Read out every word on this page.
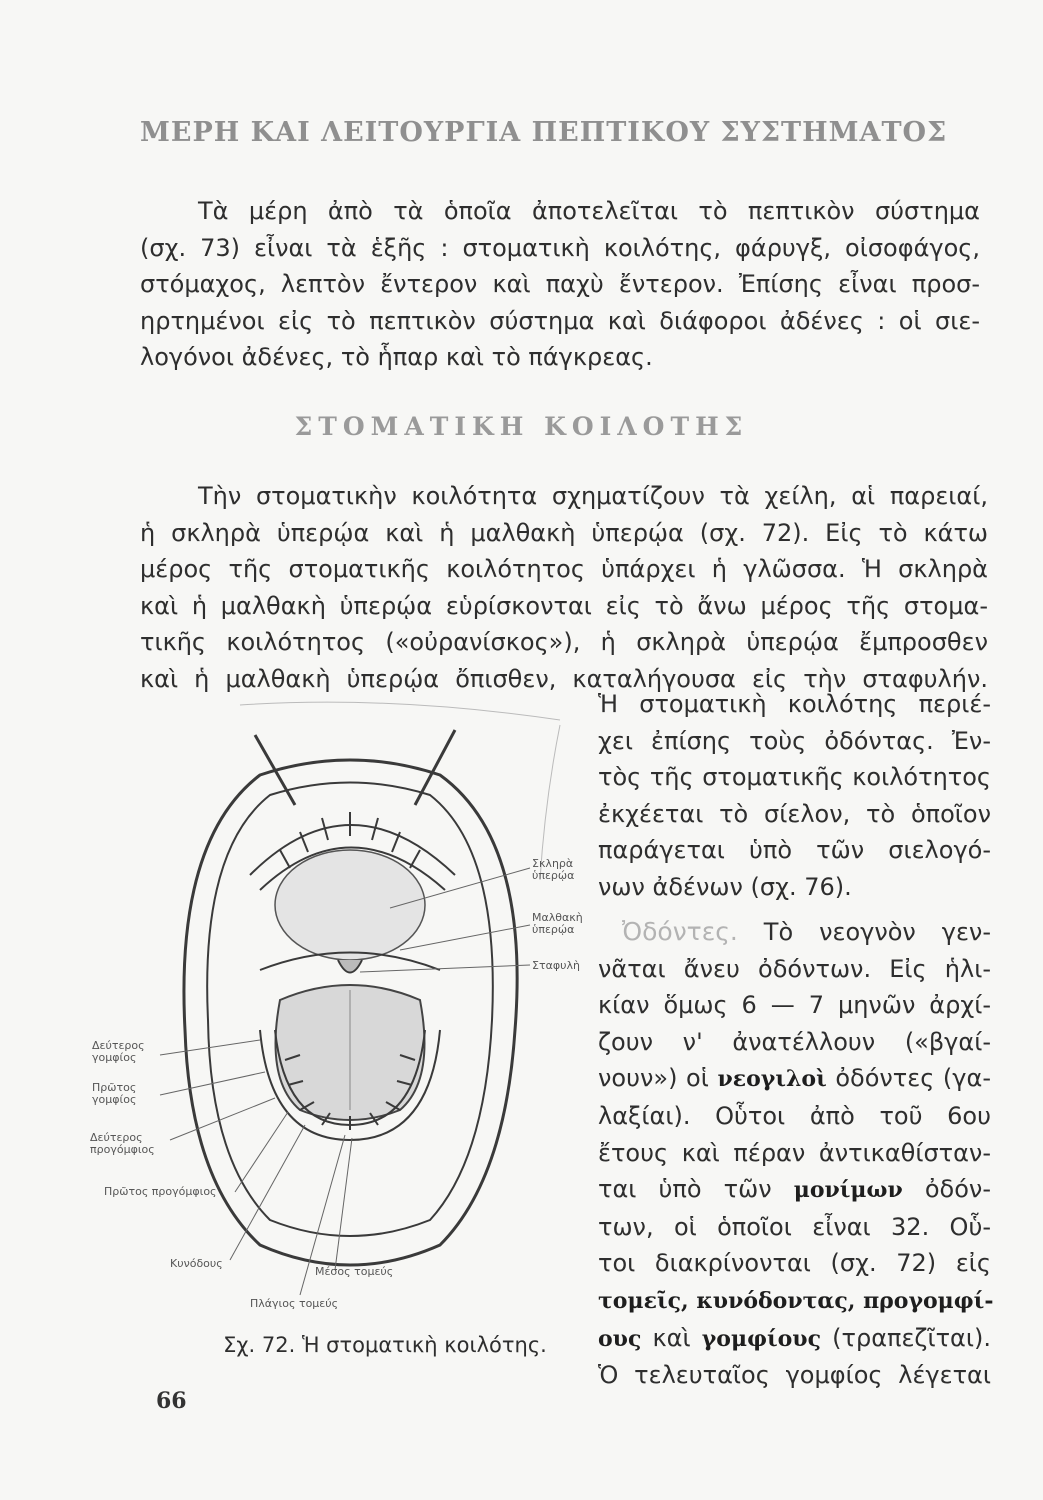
ΜΕΡΗ ΚΑΙ ΛΕΙΤΟΥΡΓΙΑ ΠΕΠΤΙΚΟΥ ΣΥΣΤΗΜΑΤΟΣ

Τὰ μέρη ἀπὸ τὰ ὁποῖα ἀποτελεῖται τὸ πεπτικὸν σύστημα
(σχ. 73) εἶναι τὰ ἑξῆς : στοματικὴ κοιλότης, φάρυγξ, οἰσοφάγος,
στόμαχος, λεπτὸν ἔντερον καὶ παχὺ ἔντερον. Ἐπίσης εἶναι προσ-
ηρτημένοι εἰς τὸ πεπτικὸν σύστημα καὶ διάφοροι ἀδένες : οἱ σιε-
λογόνοι ἀδένες, τὸ ἧπαρ καὶ τὸ πάγκρεας.

ΣΤΟΜΑΤΙΚΗ ΚΟΙΛΟΤΗΣ

Τὴν στοματικὴν κοιλότητα σχηματίζουν τὰ χείλη, αἱ παρειαί,
ἡ σκληρὰ ὑπερῴα καὶ ἡ μαλθακὴ ὑπερῴα (σχ. 72). Εἰς τὸ κάτω
μέρος τῆς στοματικῆς κοιλότητος ὑπάρχει ἡ γλῶσσα. Ἡ σκληρὰ
καὶ ἡ μαλθακὴ ὑπερῴα εὑρίσκονται εἰς τὸ ἄνω μέρος τῆς στομα-
τικῆς κοιλότητος («οὐρανίσκος»), ἡ σκληρὰ ὑπερῴα ἔμπροσθεν
καὶ ἡ μαλθακὴ ὑπερῴα ὄπισθεν, καταλήγουσα εἰς τὴν σταφυλήν.

Ἡ στοματικὴ κοιλότης περιέ-
χει ἐπίσης τοὺς ὀδόντας. Ἐν-
τὸς τῆς στοματικῆς κοιλότητος
ἐκχέεται τὸ σίελον, τὸ ὁποῖον
παράγεται ὑπὸ τῶν σιελογό-
νων ἀδένων (σχ. 76).

Ὀδόντες. Τὸ νεογνὸν γεν-
νᾶται ἄνευ ὀδόντων. Εἰς ἡλι-
κίαν ὅμως 6 — 7 μηνῶν ἀρχί-
ζουν ν' ἀνατέλλουν («βγαί-
νουν») οἱ νεογιλοὶ ὀδόντες (γα-
λαξίαι). Οὗτοι ἀπὸ τοῦ 6ου
ἔτους καὶ πέραν ἀντικαθίσταν-
ται ὑπὸ τῶν μονίμων ὀδόν-
των, οἱ ὁποῖοι εἶναι 32. Οὗ-
τοι διακρίνονται (σχ. 72) εἰς
τομεῖς, κυνόδοντας, προγομφί-
ους καὶ γομφίους (τραπεζῖται).
Ὁ τελευταῖος γομφίος λέγεται

Σκληρὰ
ὑπερῴα
Μαλθακὴ
ὑπερῴα
Σταφυλὴ
Δεύτερος
γομφίος
Πρῶτος
γομφίος
Δεύτερος
προγόμφιος
Πρῶτος προγόμφιος
Κυνόδους
Μέσος τομεύς
Πλάγιος τομεύς

Σχ. 72. Ἡ στοματικὴ κοιλότης.

66
